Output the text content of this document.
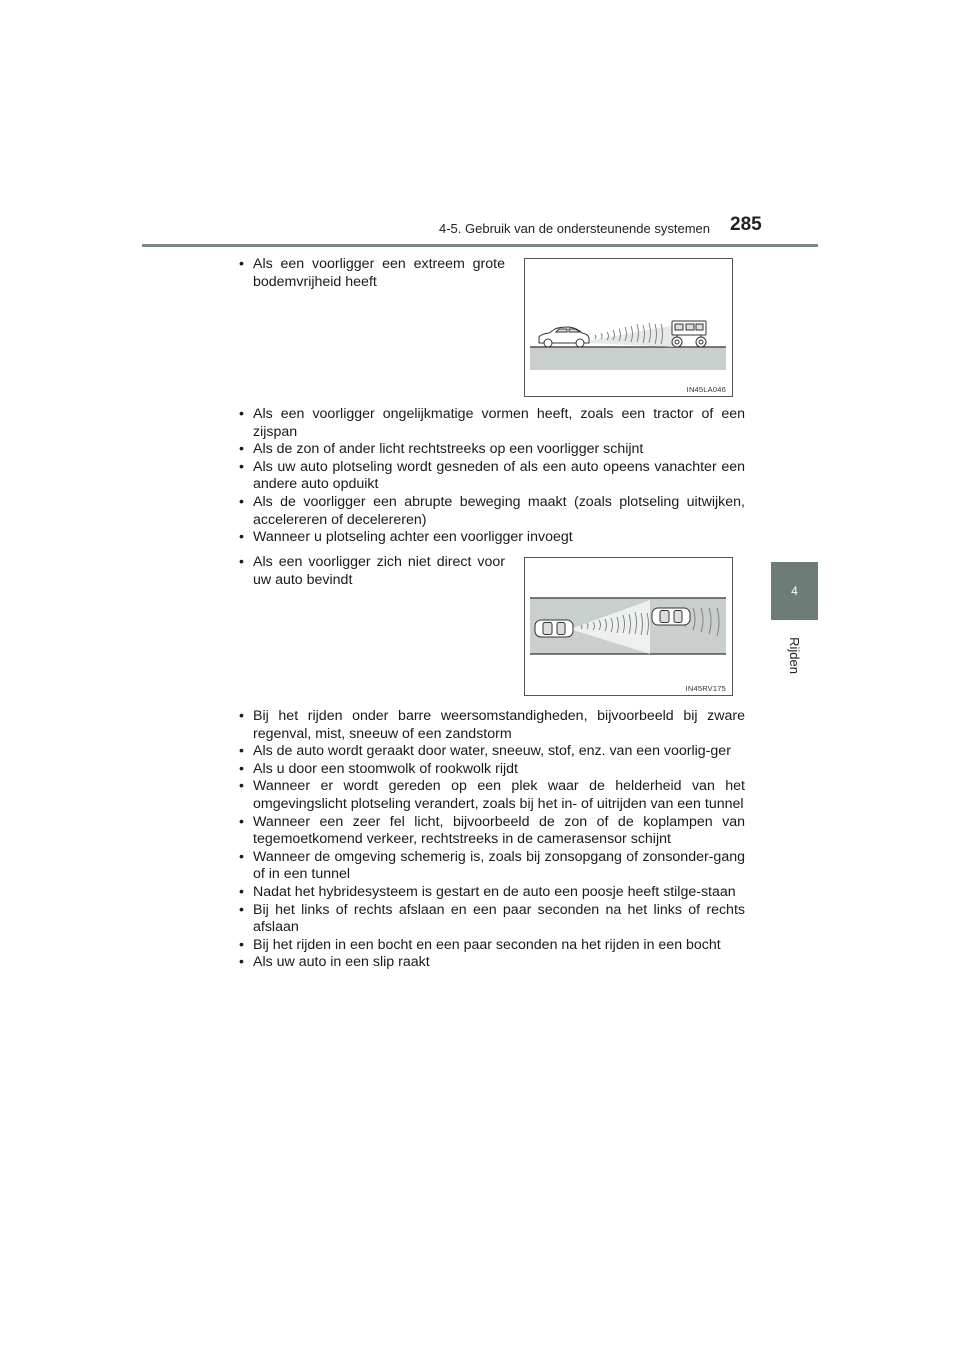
4-5. Gebruik van de ondersteunende systemen 285
4
Rijden
• Als een voorligger een extreem grote bodemvrijheid heeft
IN45LA046
• Als een voorligger ongelijkmatige vormen heeft, zoals een tractor of een zijspan
• Als de zon of ander licht rechtstreeks op een voorligger schijnt
• Als uw auto plotseling wordt gesneden of als een auto opeens vanachter een andere auto opduikt
• Als de voorligger een abrupte beweging maakt (zoals plotseling uitwijken, accelereren of decelereren)
• Wanneer u plotseling achter een voorligger invoegt
• Als een voorligger zich niet direct voor uw auto bevindt
IN45RV175
• Bij het rijden onder barre weersomstandigheden, bijvoorbeeld bij zware regenval, mist, sneeuw of een zandstorm
• Als de auto wordt geraakt door water, sneeuw, stof, enz. van een voorlig-ger
• Als u door een stoomwolk of rookwolk rijdt
• Wanneer er wordt gereden op een plek waar de helderheid van het omgevingslicht plotseling verandert, zoals bij het in- of uitrijden van een tunnel
• Wanneer een zeer fel licht, bijvoorbeeld de zon of de koplampen van tegemoetkomend verkeer, rechtstreeks in de camerasensor schijnt
• Wanneer de omgeving schemerig is, zoals bij zonsopgang of zonsonder-gang of in een tunnel
• Nadat het hybridesysteem is gestart en de auto een poosje heeft stilge-staan
• Bij het links of rechts afslaan en een paar seconden na het links of rechts afslaan
• Bij het rijden in een bocht en een paar seconden na het rijden in een bocht
• Als uw auto in een slip raakt
